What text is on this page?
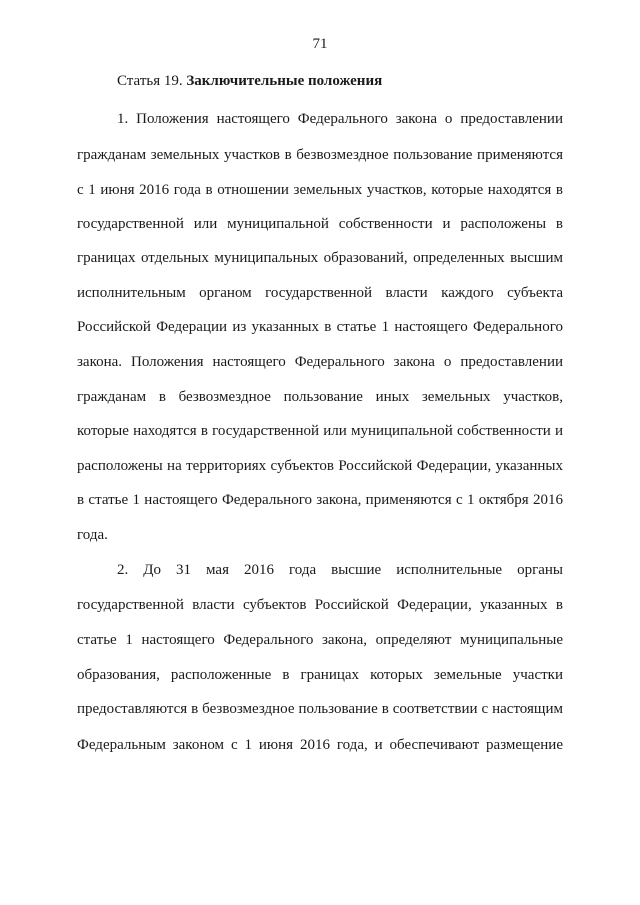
71
Статья 19. Заключительные положения
1. Положения настоящего Федерального закона о предоставлении
гражданам земельных участков в безвозмездное пользование применяются
с 1 июня 2016 года в отношении земельных участков, которые находятся в
государственной или муниципальной собственности и расположены в
границах отдельных муниципальных образований, определенных высшим
исполнительным органом государственной власти каждого субъекта
Российской Федерации из указанных в статье 1 настоящего Федерального
закона. Положения настоящего Федерального закона о предоставлении
гражданам в безвозмездное пользование иных земельных участков,
которые находятся в государственной или муниципальной собственности и
расположены на территориях субъектов Российской Федерации, указанных
в статье 1 настоящего Федерального закона, применяются с 1 октября 2016
года.
2. До 31 мая 2016 года высшие исполнительные органы
государственной власти субъектов Российской Федерации, указанных в
статье 1 настоящего Федерального закона, определяют муниципальные
образования, расположенные в границах которых земельные участки
предоставляются в безвозмездное пользование в соответствии с настоящим
Федеральным законом с 1 июня 2016 года, и обеспечивают размещение
